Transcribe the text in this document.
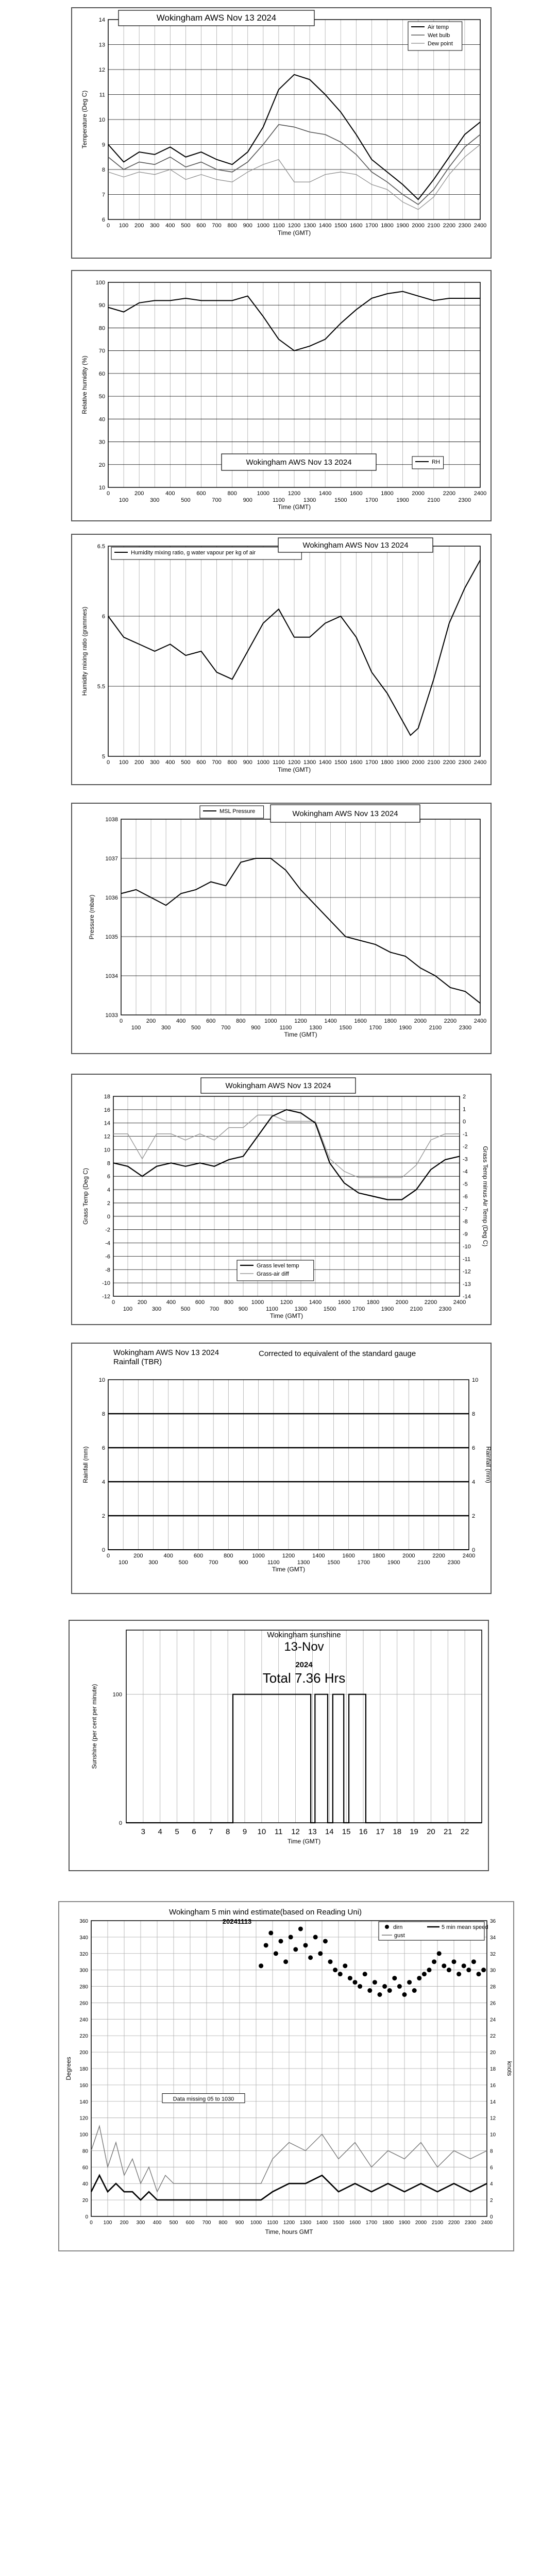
0 100 200 300 400 500 600 700 800 900 1000 1100 1200 1300 1400 1500 1600 1700 1800 1900 2000 2100 2200 2300 2400
6
7
8
9
10
11
12
13
14
Temperature (Deg C)
Time (GMT)
Wokingham AWS Nov 13 2024
Air temp
Wet bulb
Dew point
0	200	400	600	800	1000	1200	1400	1600	1800	2000	2200	2400
100	300	500	700	900	1100	1300	1500	1700	1900	2100	2300
10
20
30
40
50
60
70
80
90
100
Relative humidity (%)
Time (GMT)
Wokingham AWS Nov 13 2024	RH
0 100 200 300 400 500 600 700 800 900 1000 1100 1200 1300 1400 1500 1600 1700 1800 1900 2000 2100 2200 2300 2400
5
5.5
6
6.5
Humidity mixing ratio (grammes)
Time (GMT)
Humidity mixing ratio, g water vapour per kg of air
Wokingham AWS Nov 13 2024
0	200	400	600	800	1000	1200	1400	1600	1800	2000	2200	2400
100	300	500	700	900	1100	1300	1500	1700	1900	2100	2300
1033
1034
1035
1036
1037
1038
Pressure (mbar)
Time (GMT)
MSL Pressure	Wokingham AWS Nov 13 2024
0	200	400	600	800	1000	1200	1400	1600	1800	2000	2200	2400
100	300	500	700	900	1100	1300	1500	1700	1900	2100	2300
-12
-10
-8
-6
-4
-2
0
2
4
6
8
10
12
14
16
18
-14
-13
-12
-11
-10
-9
-8
-7
-6
-5
-4
-3
-2
-1
0
1
2
Grass Temp (Deg C)	Grass Temp minus Air Temp (Deg C)
Time (GMT)
Wokingham AWS Nov 13 2024
Grass level temp
Grass-air diff
0	200	400	600	800	1000	1200	1400	1600	1800	2000	2200	2400
100	300	500	700	900	1100	1300	1500	1700	1900	2100	2300
0	0
2	2
4	4
6	6
8	8
10	10
Rainfall (mm)	Rainfall (mm)
Time (GMT)
Wokingham AWS Nov 13 2024
Rainfall (TBR)
Corrected to equivalent of the standard gauge
3 4 5 6 7 8 9 10 11 12 13 14 15 16 17 18 19 20 21 22
0
100
Sunshine (per cent per minute)
Time (GMT)
Wokingham sunshine
13-Nov
2024
Total 7.36 Hrs
0 100 200 300 400 500 600 700 800 900 1000 1100 1200 1300 1400 1500 1600 1700 1800 1900 2000 2100 2200 2300 2400
0
20
40
60
80
100
120
140
160
180
200
220
240
260
280
300
320
340
360
0
2
4
6
8
10
12
14
16
18
20
22
24
26
28
30
32
34
36
Degrees	knots
Time, hours GMT
Wokingham 5 min wind estimate(based on Reading Uni)
20241113
Data missing 05 to 1030
dirn	5 min mean speed
gust
